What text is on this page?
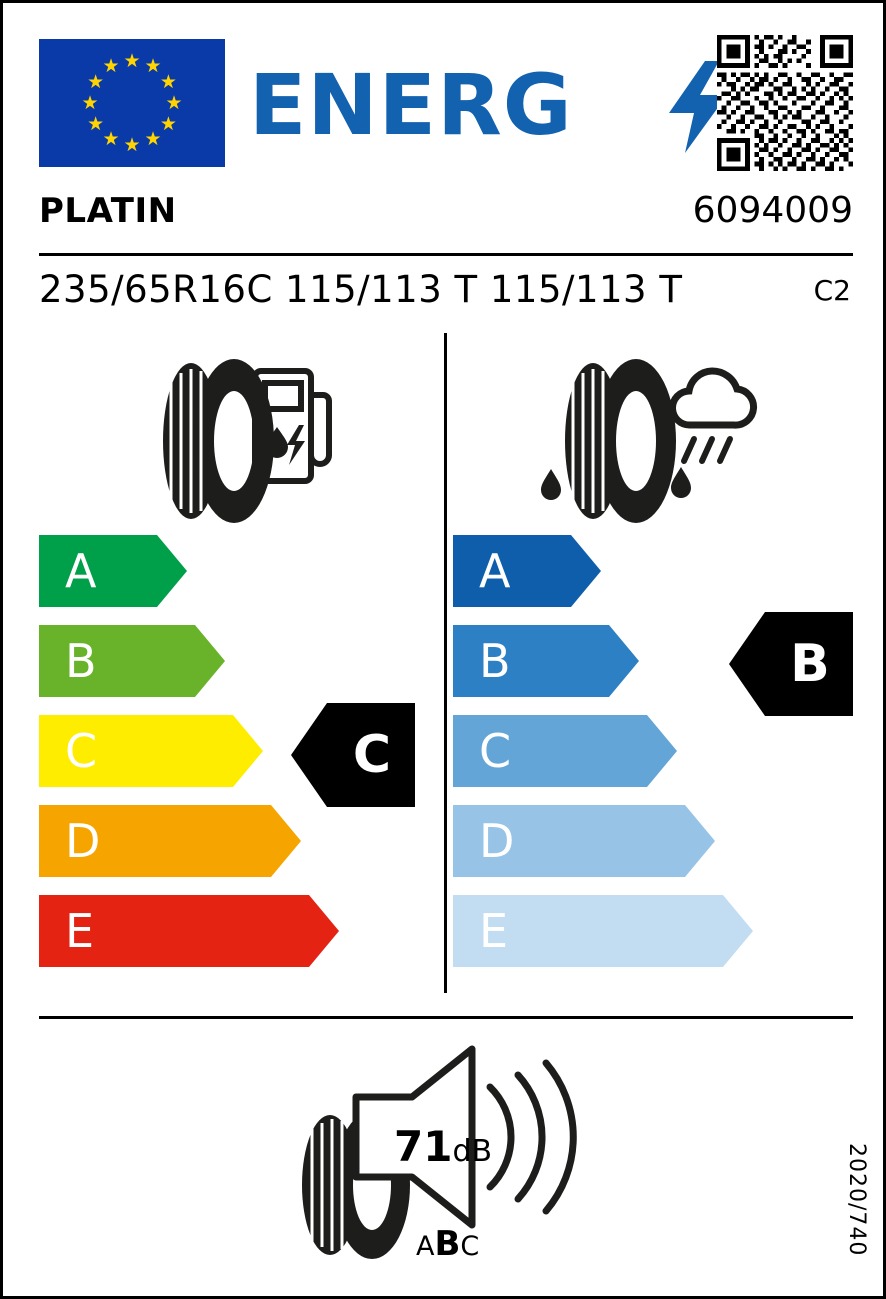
★ ★
★
★
★
★
★
★
★
★
★
★ ENERG
PLATIN	6094009
235/65R16C 115/113 T 115/113 T	C2
A
B
C
D
E
C
A
B
C
D
E
B
71dB
ABC	2020/740
